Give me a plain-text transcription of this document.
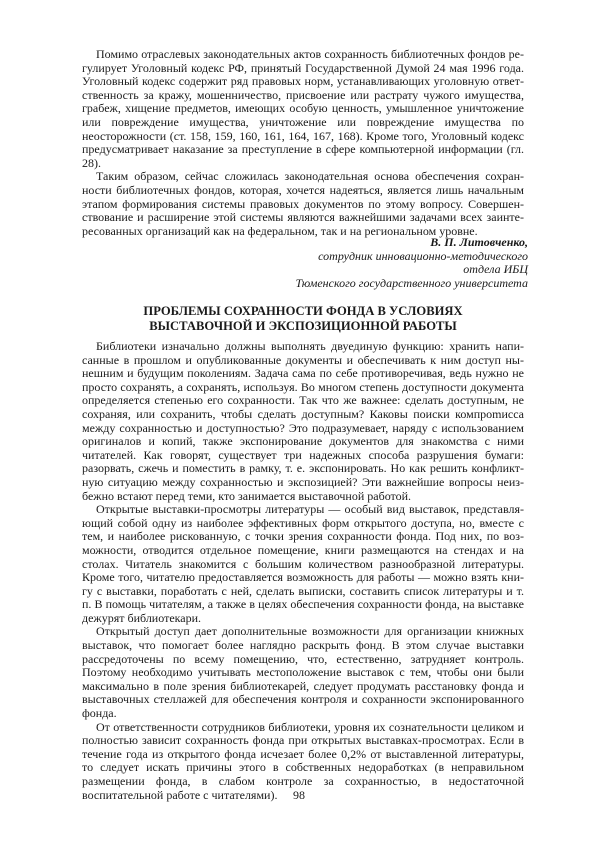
Помимо отраслевых законодательных актов сохранность библиотечных фондов регулирует Уголовный кодекс РФ, принятый Государственной Думой 24 мая 1996 года. Уголовный кодекс содержит ряд правовых норм, устанавливающих уголовную ответственность за кражу, мошенничество, присвоение или растрату чужого имущества, грабеж, хищение предметов, имеющих особую ценность, умышленное уничтожение или повреждение имущества, уничтожение или повреждение имущества по неосторожности (ст. 158, 159, 160, 161, 164, 167, 168). Кроме того, Уголовный кодекс предусматривает наказание за преступление в сфере компьютерной информации (гл. 28).

Таким образом, сейчас сложилась законодательная основа обеспечения сохранности библиотечных фондов, которая, хочется надеяться, является лишь начальным этапом формирования системы правовых документов по этому вопросу. Совершенствование и расширение этой системы являются важнейшими задачами всех заинтересованных организаций как на федеральном, так и на региональном уровне.

В. П. Литовченко,
сотрудник инновационно-методического
отдела ИБЦ
Тюменского государственного университета
ПРОБЛЕМЫ СОХРАННОСТИ ФОНДА В УСЛОВИЯХ
ВЫСТАВОЧНОЙ И ЭКСПОЗИЦИОННОЙ РАБОТЫ

Библиотеки изначально должны выполнять двуединую функцию: хранить написанные в прошлом и опубликованные документы и обеспечивать к ним доступ нынешним и будущим поколениям. Задача сама по себе противоречивая, ведь нужно не просто сохранять, а сохранять, используя. Во многом степень доступности документа определяется степенью его сохранности. Так что же важнее: сделать доступным, не сохраняя, или сохранить, чтобы сделать доступным? Каковы поиски компроmисса между сохранностью и доступностью? Это подразумевает, наряду с использованием оригиналов и копий, также экспонирование документов для знакомства с ними читателей. Как говорят, существует три надежных способа разрушения бумаги: разорвать, сжечь и поместить в рамку, т. е. экспонировать. Но как решить конфликтную ситуацию между сохранностью и экспозицией? Эти важнейшие вопросы неизбежно встают перед теми, кто занимается выставочной работой.

Открытые выставки-просмотры литературы — особый вид выставок, представляющий собой одну из наиболее эффективных форм открытого доступа, но, вместе с тем, и наиболее рискованную, с точки зрения сохранности фонда. Под них, по возможности, отводится отдельное помещение, книги размещаются на стендах и на столах. Читатель знакомится с большим количеством разнообразной литературы. Кроме того, читателю предоставляется возможность для работы — можно взять книгу с выставки, поработать с ней, сделать выписки, составить список литературы и т. п. В помощь читателям, а также в целях обеспечения сохранности фонда, на выставке дежурят библиотекари.

Открытый доступ дает дополнительные возможности для организации книжных выставок, что помогает более наглядно раскрыть фонд. В этом случае выставки рассредоточены по всему помещению, что, естественно, затрудняет контроль. Поэтому необходимо учитывать местоположение выставок с тем, чтобы они были максимально в поле зрения библиотекарей, следует продумать расстановку фонда и выставочных стеллажей для обеспечения контроля и сохранности экспонированного фонда.

От ответственности сотрудников библиотеки, уровня их сознательности целиком и полностью зависит сохранность фонда при открытых выставках-просмотрах. Если в течение года из открытого фонда исчезает более 0,2% от выставленной литературы, то следует искать причины этого в собственных недоработках (в неправильном размещении фонда, в слабом контроле за сохранностью, в недостаточной воспитательной работе с читателями).	98
